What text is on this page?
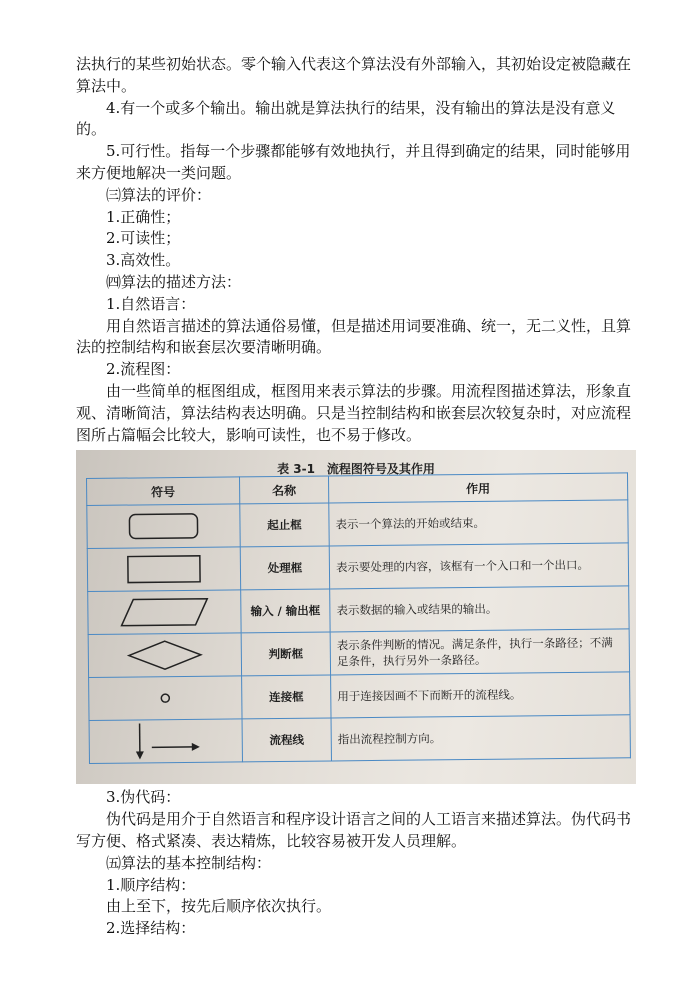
法执行的某些初始状态。零个输入代表这个算法没有外部输入，其初始设定被隐藏在算法中。

4.有一个或多个输出。输出就是算法执行的结果，没有输出的算法是没有意义的。

5.可行性。指每一个步骤都能够有效地执行，并且得到确定的结果，同时能够用来方便地解决一类问题。

㈢算法的评价：

1.正确性；

2.可读性；

3.高效性。

㈣算法的描述方法：

1.自然语言：

用自然语言描述的算法通俗易懂，但是描述用词要准确、统一，无二义性，且算法的控制结构和嵌套层次要清晰明确。

2.流程图：

由一些简单的框图组成，框图用来表示算法的步骤。用流程图描述算法，形象直观、清晰简洁，算法结构表达明确。只是当控制结构和嵌套层次较复杂时，对应流程图所占篇幅会比较大，影响可读性，也不易于修改。

表 3-1 流程图符号及其作用
符号	名称	作用

	起止框	表示一个算法的开始或结束。

	处理框	表示要处理的内容，该框有一个入口和一个出口。

	输入 / 输出框	表示数据的输入或结果的输出。

	判断框	表示条件判断的情况。满足条件，执行一条路径；不满足条件，执行另外一条路径。

	连接框	用于连接因画不下而断开的流程线。

	流程线	指出流程控制方向。

3.伪代码：

伪代码是用介于自然语言和程序设计语言之间的人工语言来描述算法。伪代码书写方便、格式紧凑、表达精炼，比较容易被开发人员理解。

㈤算法的基本控制结构：

1.顺序结构：

由上至下，按先后顺序依次执行。

2.选择结构：
